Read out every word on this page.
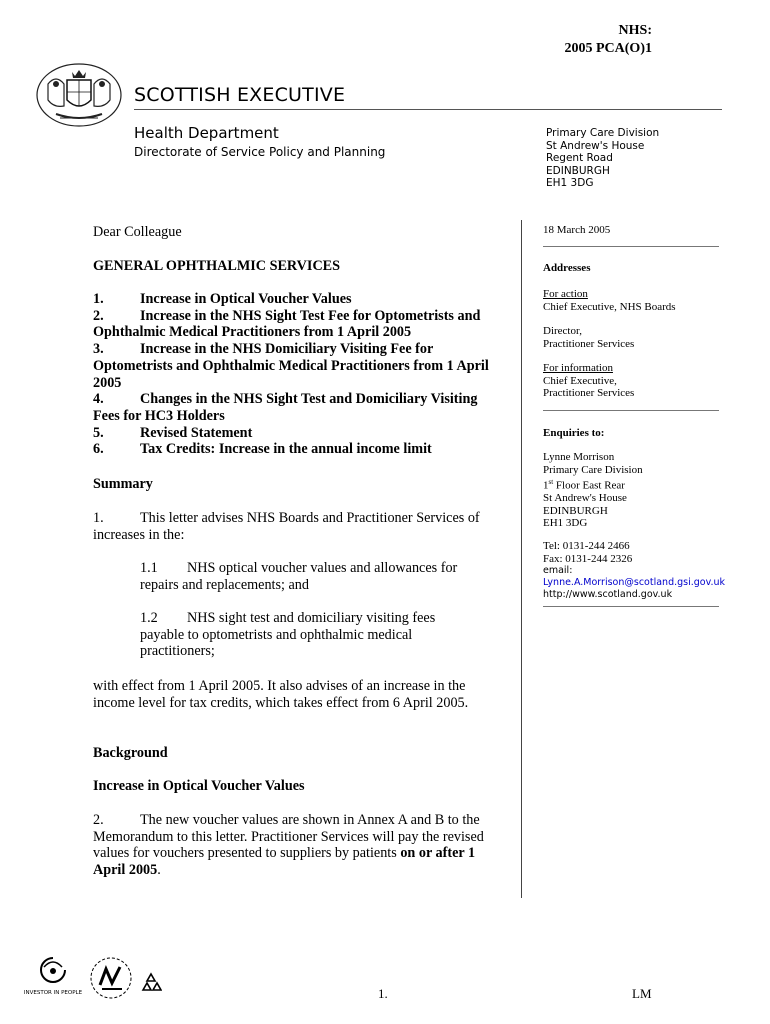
NHS:
2005 PCA(O)1
SCOTTISH EXECUTIVE
Health Department
Directorate of Service Policy and Planning
Primary Care Division
St Andrew's House
Regent Road
EDINBURGH
EH1 3DG
18 March 2005
Addresses
For action
Chief Executive, NHS Boards
Director,
Practitioner Services
For information
Chief Executive,
Practitioner Services
Enquiries to:
Lynne Morrison
Primary Care Division
1st Floor East Rear
St Andrew's House
EDINBURGH
EH1 3DG
Tel: 0131-244 2466
Fax: 0131-244 2326
email:
Lynne.A.Morrison@scotland.gsi.gov.uk
http://www.scotland.gov.uk
Dear Colleague
GENERAL OPHTHALMIC SERVICES
1.	Increase in Optical Voucher Values
2.	Increase in the NHS Sight Test Fee for Optometrists and Ophthalmic Medical Practitioners from 1 April 2005
3.	Increase in the NHS Domiciliary Visiting Fee for Optometrists and Ophthalmic Medical Practitioners from 1 April 2005
4.	Changes in the NHS Sight Test and Domiciliary Visiting Fees for HC3 Holders
5.	Revised Statement
6.	Tax Credits: Increase in the annual income limit
Summary
1.	This letter advises NHS Boards and Practitioner Services of increases in the:
1.1 NHS optical voucher values and allowances for repairs and replacements; and
1.2 NHS sight test and domiciliary visiting fees payable to optometrists and ophthalmic medical practitioners;
with effect from 1 April 2005. It also advises of an increase in the income level for tax credits, which takes effect from 6 April 2005.
Background
Increase in Optical Voucher Values
2.	The new voucher values are shown in Annex A and B to the Memorandum to this letter. Practitioner Services will pay the revised values for vouchers presented to suppliers by patients on or after 1 April 2005.
INVESTOR IN PEOPLE	1.	LM
